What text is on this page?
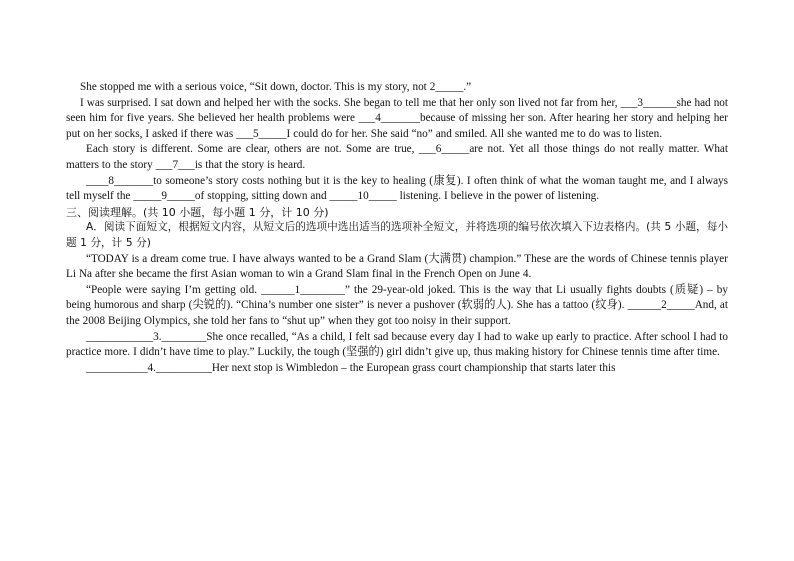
She stopped me with a serious voice, “Sit down, doctor. This is my story, not 2_____.”

I was surprised. I sat down and helped her with the socks. She began to tell me that her only son lived not far from her, ___3______she had not seen him for five years. She believed her health problems were ___4_______because of missing her son. After hearing her story and helping her put on her socks, I asked if there was ___5_____I could do for her. She said “no” and smiled. All she wanted me to do was to listen.

Each story is different. Some are clear, others are not. Some are true, ___6_____are not. Yet all those things do not really matter. What matters to the story ___7___is that the story is heard.

____8_______to someone’s story costs nothing but it is the key to healing (康复). I often think of what the woman taught me, and I always tell myself the _____9_____of stopping, sitting down and _____10_____ listening. I believe in the power of listening.

三、阅读理解。(共 10 小题，每小题 1 分，计 10 分)

A．阅读下面短文，根据短文内容，从短文后的选项中选出适当的选项补全短文，并将选项的编号依次填入下边表格内。(共 5 小题，每小题 1 分，计 5 分)

“TODAY is a dream come true. I have always wanted to be a Grand Slam (大满贯) champion.” These are the words of Chinese tennis player Li Na after she became the first Asian woman to win a Grand Slam final in the French Open on June 4.

“People were saying I’m getting old. ______1________” the 29-year-old joked. This is the way that Li usually fights doubts (质疑) – by being humorous and sharp (尖锐的). “China’s number one sister” is never a pushover (软弱的人). She has a tattoo (纹身). ______2_____And, at the 2008 Beijing Olympics, she told her fans to “shut up” when they got too noisy in their support.

____________3.________She once recalled, “As a child, I felt sad because every day I had to wake up early to practice. After school I had to practice more. I didn’t have time to play.” Luckily, the tough (坚强的) girl didn’t give up, thus making history for Chinese tennis time after time.

___________4.__________Her next stop is Wimbledon – the European grass court championship that starts later this
